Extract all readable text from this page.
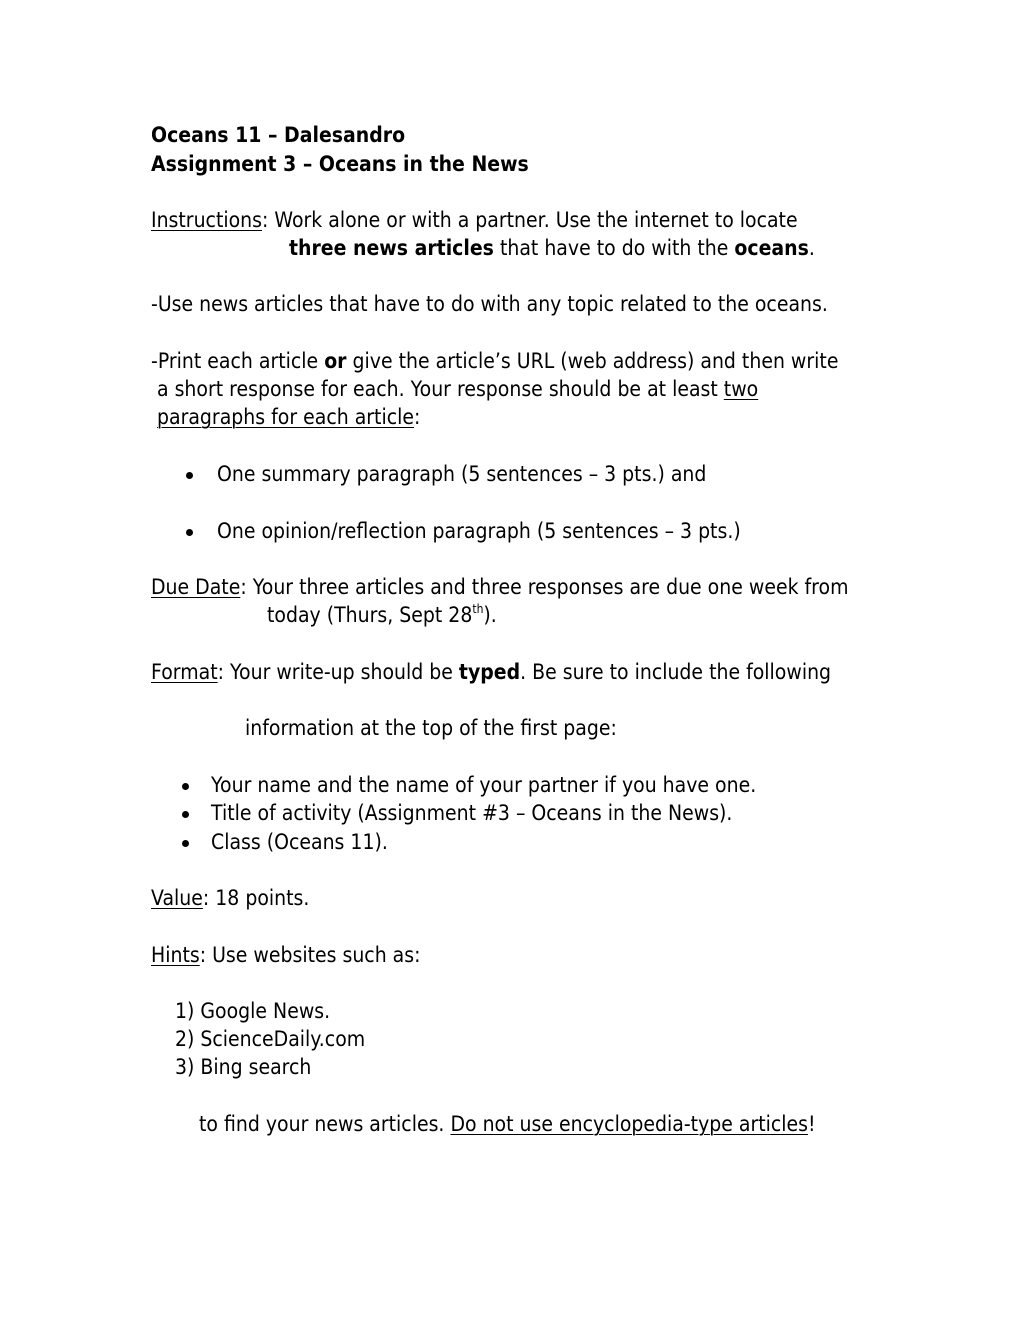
Oceans 11 – Dalesandro
Assignment 3 – Oceans in the News
Instructions: Work alone or with a partner. Use the internet to locate
three news articles that have to do with the oceans.
-Use news articles that have to do with any topic related to the oceans.
-Print each article or give the article’s URL (web address) and then write
a short response for each. Your response should be at least two
paragraphs for each article:
One summary paragraph (5 sentences – 3 pts.) and
One opinion/reflection paragraph (5 sentences – 3 pts.)
Due Date: Your three articles and three responses are due one week from
today (Thurs, Sept 28th).
Format: Your write-up should be typed. Be sure to include the following
information at the top of the first page:
Your name and the name of your partner if you have one.
Title of activity (Assignment #3 – Oceans in the News).
Class (Oceans 11).
Value: 18 points.
Hints: Use websites such as:
1) Google News.
2) ScienceDaily.com
3) Bing search
to find your news articles. Do not use encyclopedia-type articles!
